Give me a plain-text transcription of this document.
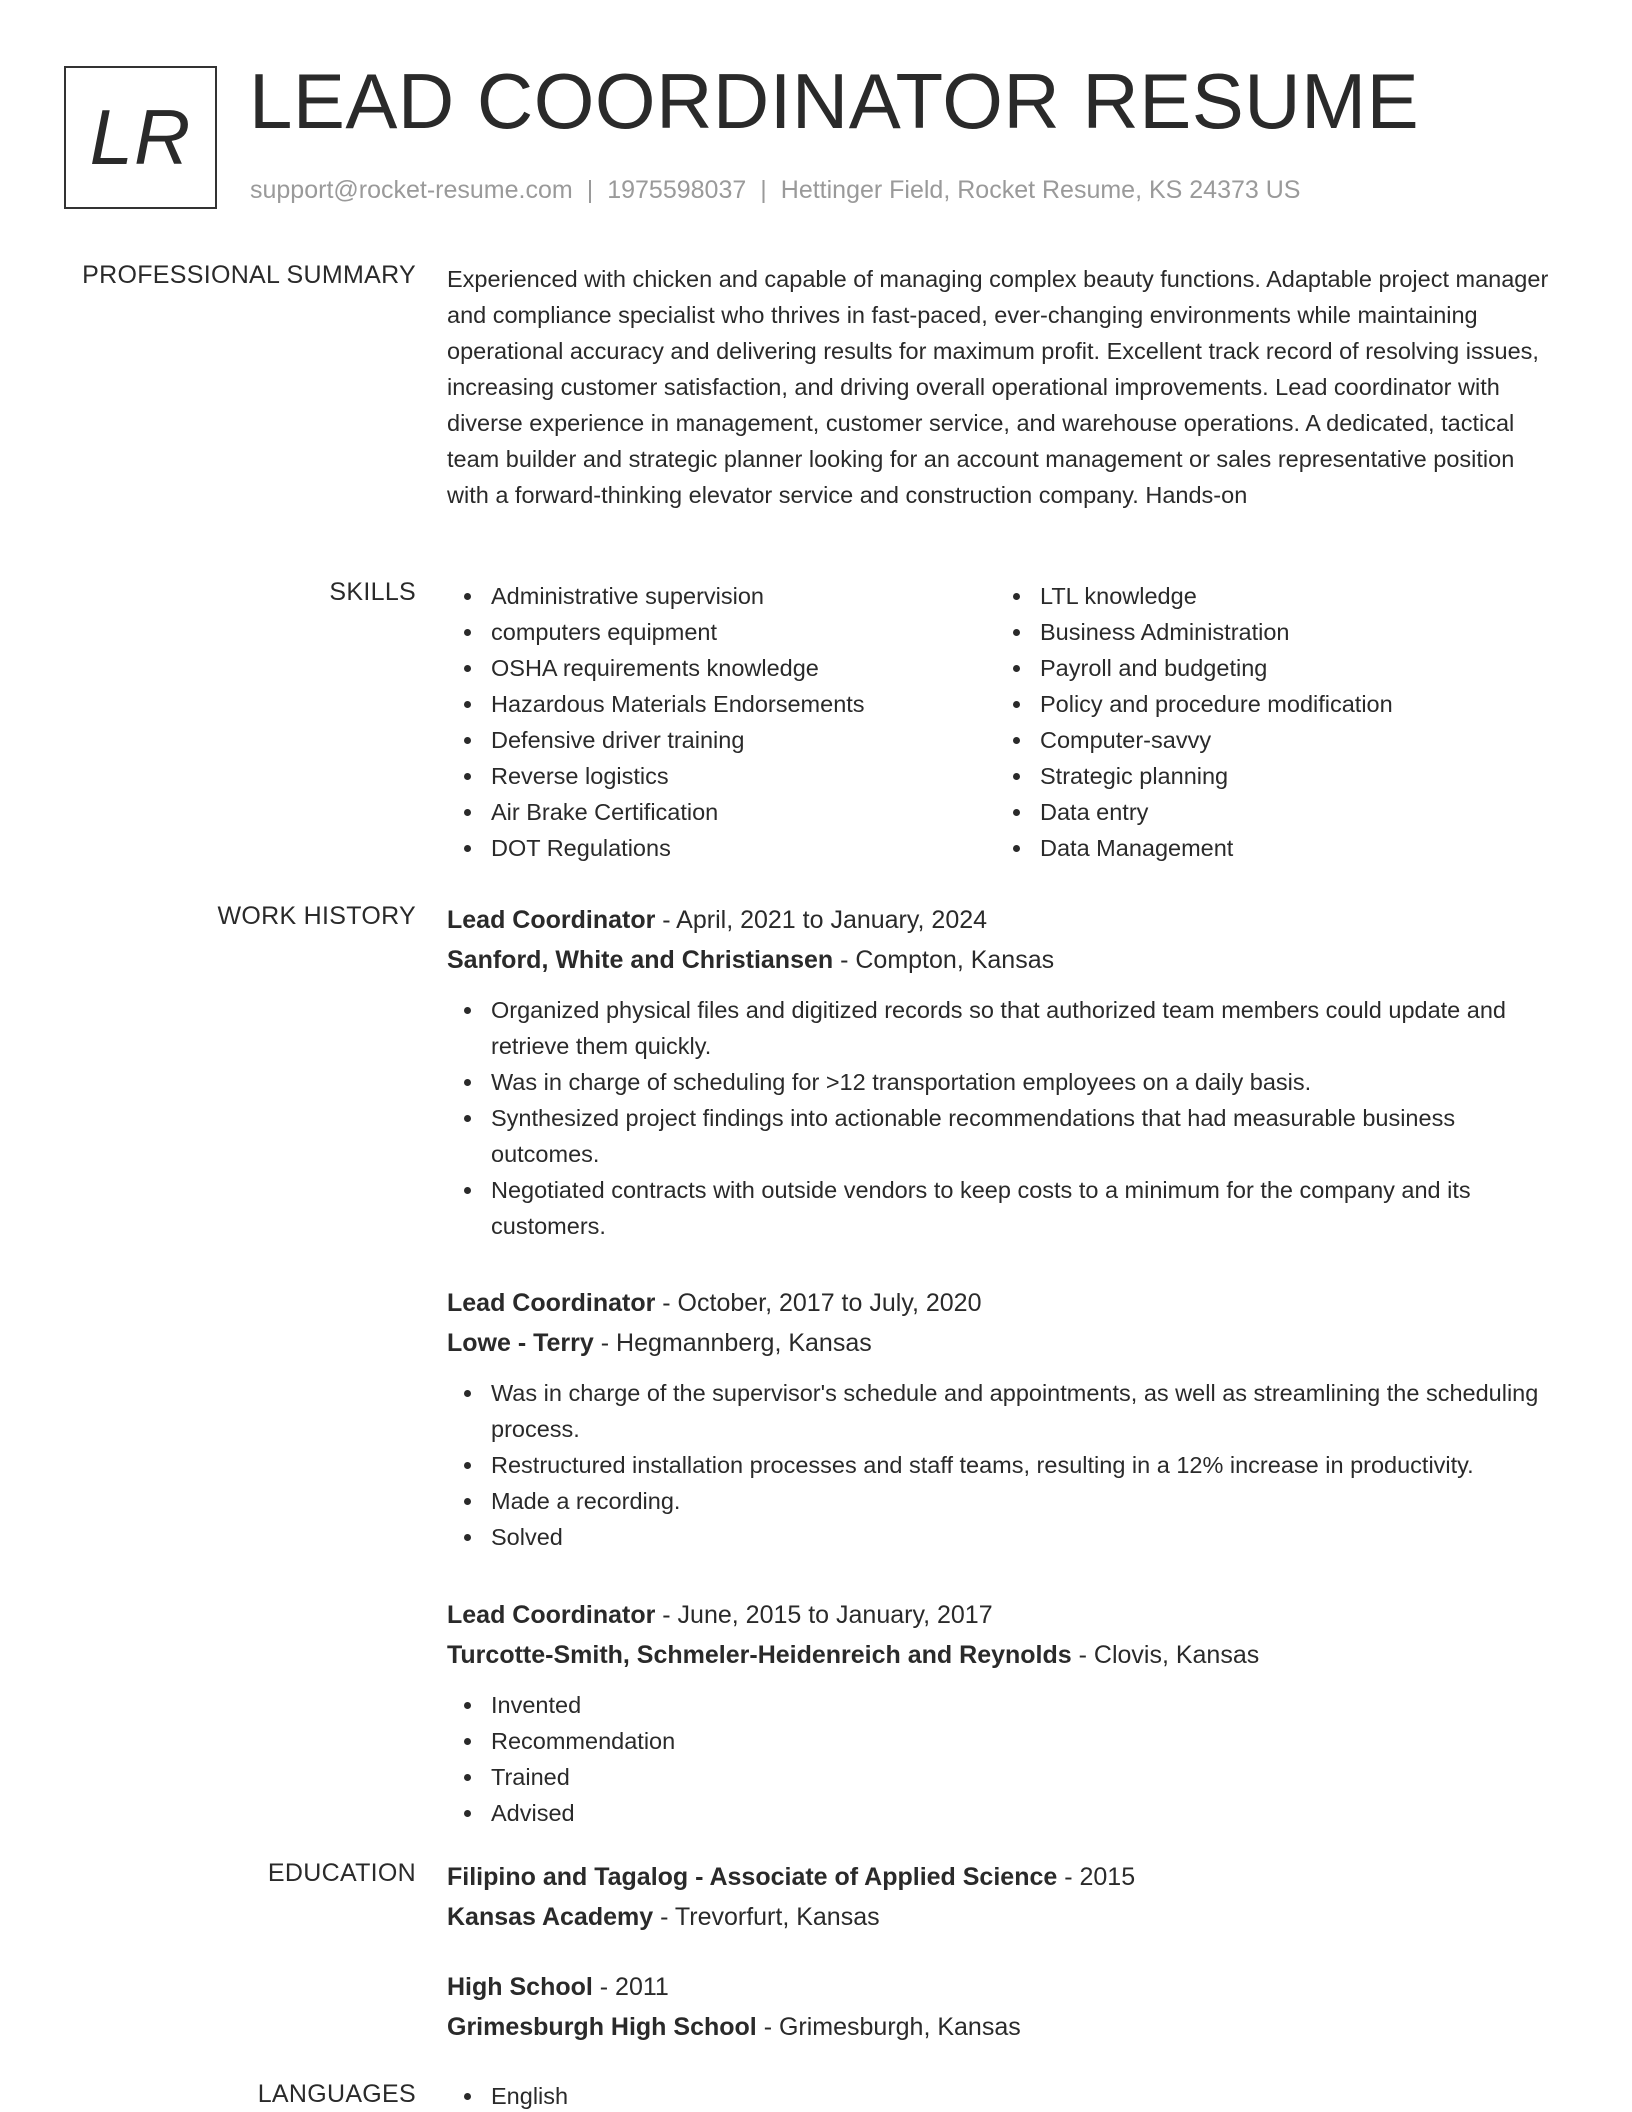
LR LEAD COORDINATOR RESUME
support@rocket-resume.com | 1975598037 | Hettinger Field, Rocket Resume, KS 24373 US
PROFESSIONAL SUMMARY Experienced with chicken and capable of managing complex beauty functions. Adaptable project manager and compliance specialist who thrives in fast-paced, ever-changing environments while maintaining operational accuracy and delivering results for maximum profit. Excellent track record of resolving issues, increasing customer satisfaction, and driving overall operational improvements. Lead coordinator with diverse experience in management, customer service, and warehouse operations. A dedicated, tactical team builder and strategic planner looking for an account management or sales representative position with a forward-thinking elevator service and construction company. Hands-on

SKILLS	Administrative supervision
computers equipment
OSHA requirements knowledge
Hazardous Materials Endorsements
Defensive driver training
Reverse logistics
Air Brake Certification
DOT Regulations
LTL knowledge
Business Administration
Payroll and budgeting
Policy and procedure modification
Computer-savvy
Strategic planning
Data entry
Data Management
WORK HISTORY Lead Coordinator - April, 2021 to January, 2024
Sanford, White and Christiansen - Compton, Kansas
Organized physical files and digitized records so that authorized team members could update and retrieve them quickly.
Was in charge of scheduling for >12 transportation employees on a daily basis.
Synthesized project findings into actionable recommendations that had measurable business outcomes.
Negotiated contracts with outside vendors to keep costs to a minimum for the company and its customers.
Lead Coordinator - October, 2017 to July, 2020
Lowe - Terry - Hegmannberg, Kansas
Was in charge of the supervisor's schedule and appointments, as well as streamlining the scheduling process.
Restructured installation processes and staff teams, resulting in a 12% increase in productivity.
Made a recording.
Solved
Lead Coordinator - June, 2015 to January, 2017
Turcotte-Smith, Schmeler-Heidenreich and Reynolds - Clovis, Kansas
Invented
Recommendation
Trained
Advised
EDUCATION Filipino and Tagalog - Associate of Applied Science - 2015
Kansas Academy - Trevorfurt, Kansas
High School - 2011
Grimesburgh High School - Grimesburgh, Kansas
LANGUAGES	English
